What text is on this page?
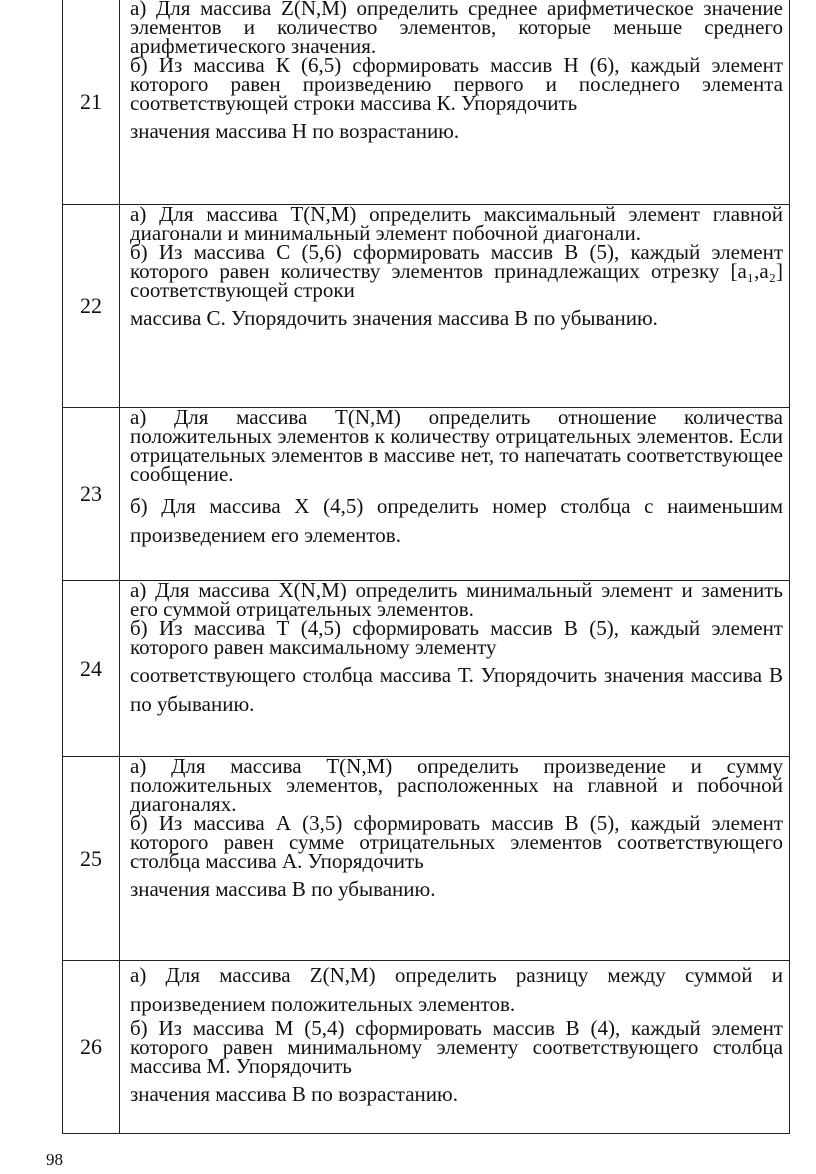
21	а) Для массива Z(N,M) определить среднее арифметическое значение элементов и количество элементов, которые меньше среднего арифметического значения.

б) Из массива К (6,5) сформировать массив Н (6), каждый элемент которого равен произведению первого и последнего элемента соответствующей строки массива К. Упорядочить

значения массива Н по возрастанию.

22	а) Для массива T(N,M) определить максимальный элемент главной диагонали и минимальный элемент побочной диагонали.

б) Из массива С (5,6) сформировать массив В (5), каждый элемент которого равен количеству элементов принадлежащих отрезку [a₁,a₂] соответствующей строки

массива С. Упорядочить значения массива В по убыванию.

23	а) Для массива T(N,M) определить отношение количества положительных элементов к количеству отрицательных элементов. Если отрицательных элементов в массиве нет, то напечатать соответствующее сообщение.

б) Для массива Х (4,5) определить номер столбца с наименьшим произведением его элементов.

24	а) Для массива X(N,M) определить минимальный элемент и заменить его суммой отрицательных элементов.

б) Из массива Т (4,5) сформировать массив В (5), каждый элемент которого равен максимальному элементу

соответствующего столбца массива Т. Упорядочить значения массива В по убыванию.

25	а) Для массива T(N,M) определить произведение и сумму положительных элементов, расположенных на главной и побочной диагоналях.

б) Из массива А (3,5) сформировать массив В (5), каждый элемент которого равен сумме отрицательных элементов соответствующего столбца массива А. Упорядочить

значения массива В по убыванию.

26	а) Для массива Z(N,M) определить разницу между суммой и произведением положительных элементов.

б) Из массива М (5,4) сформировать массив В (4), каждый элемент которого равен минимальному элементу соответствующего столбца массива М. Упорядочить

значения массива В по возрастанию.

98
